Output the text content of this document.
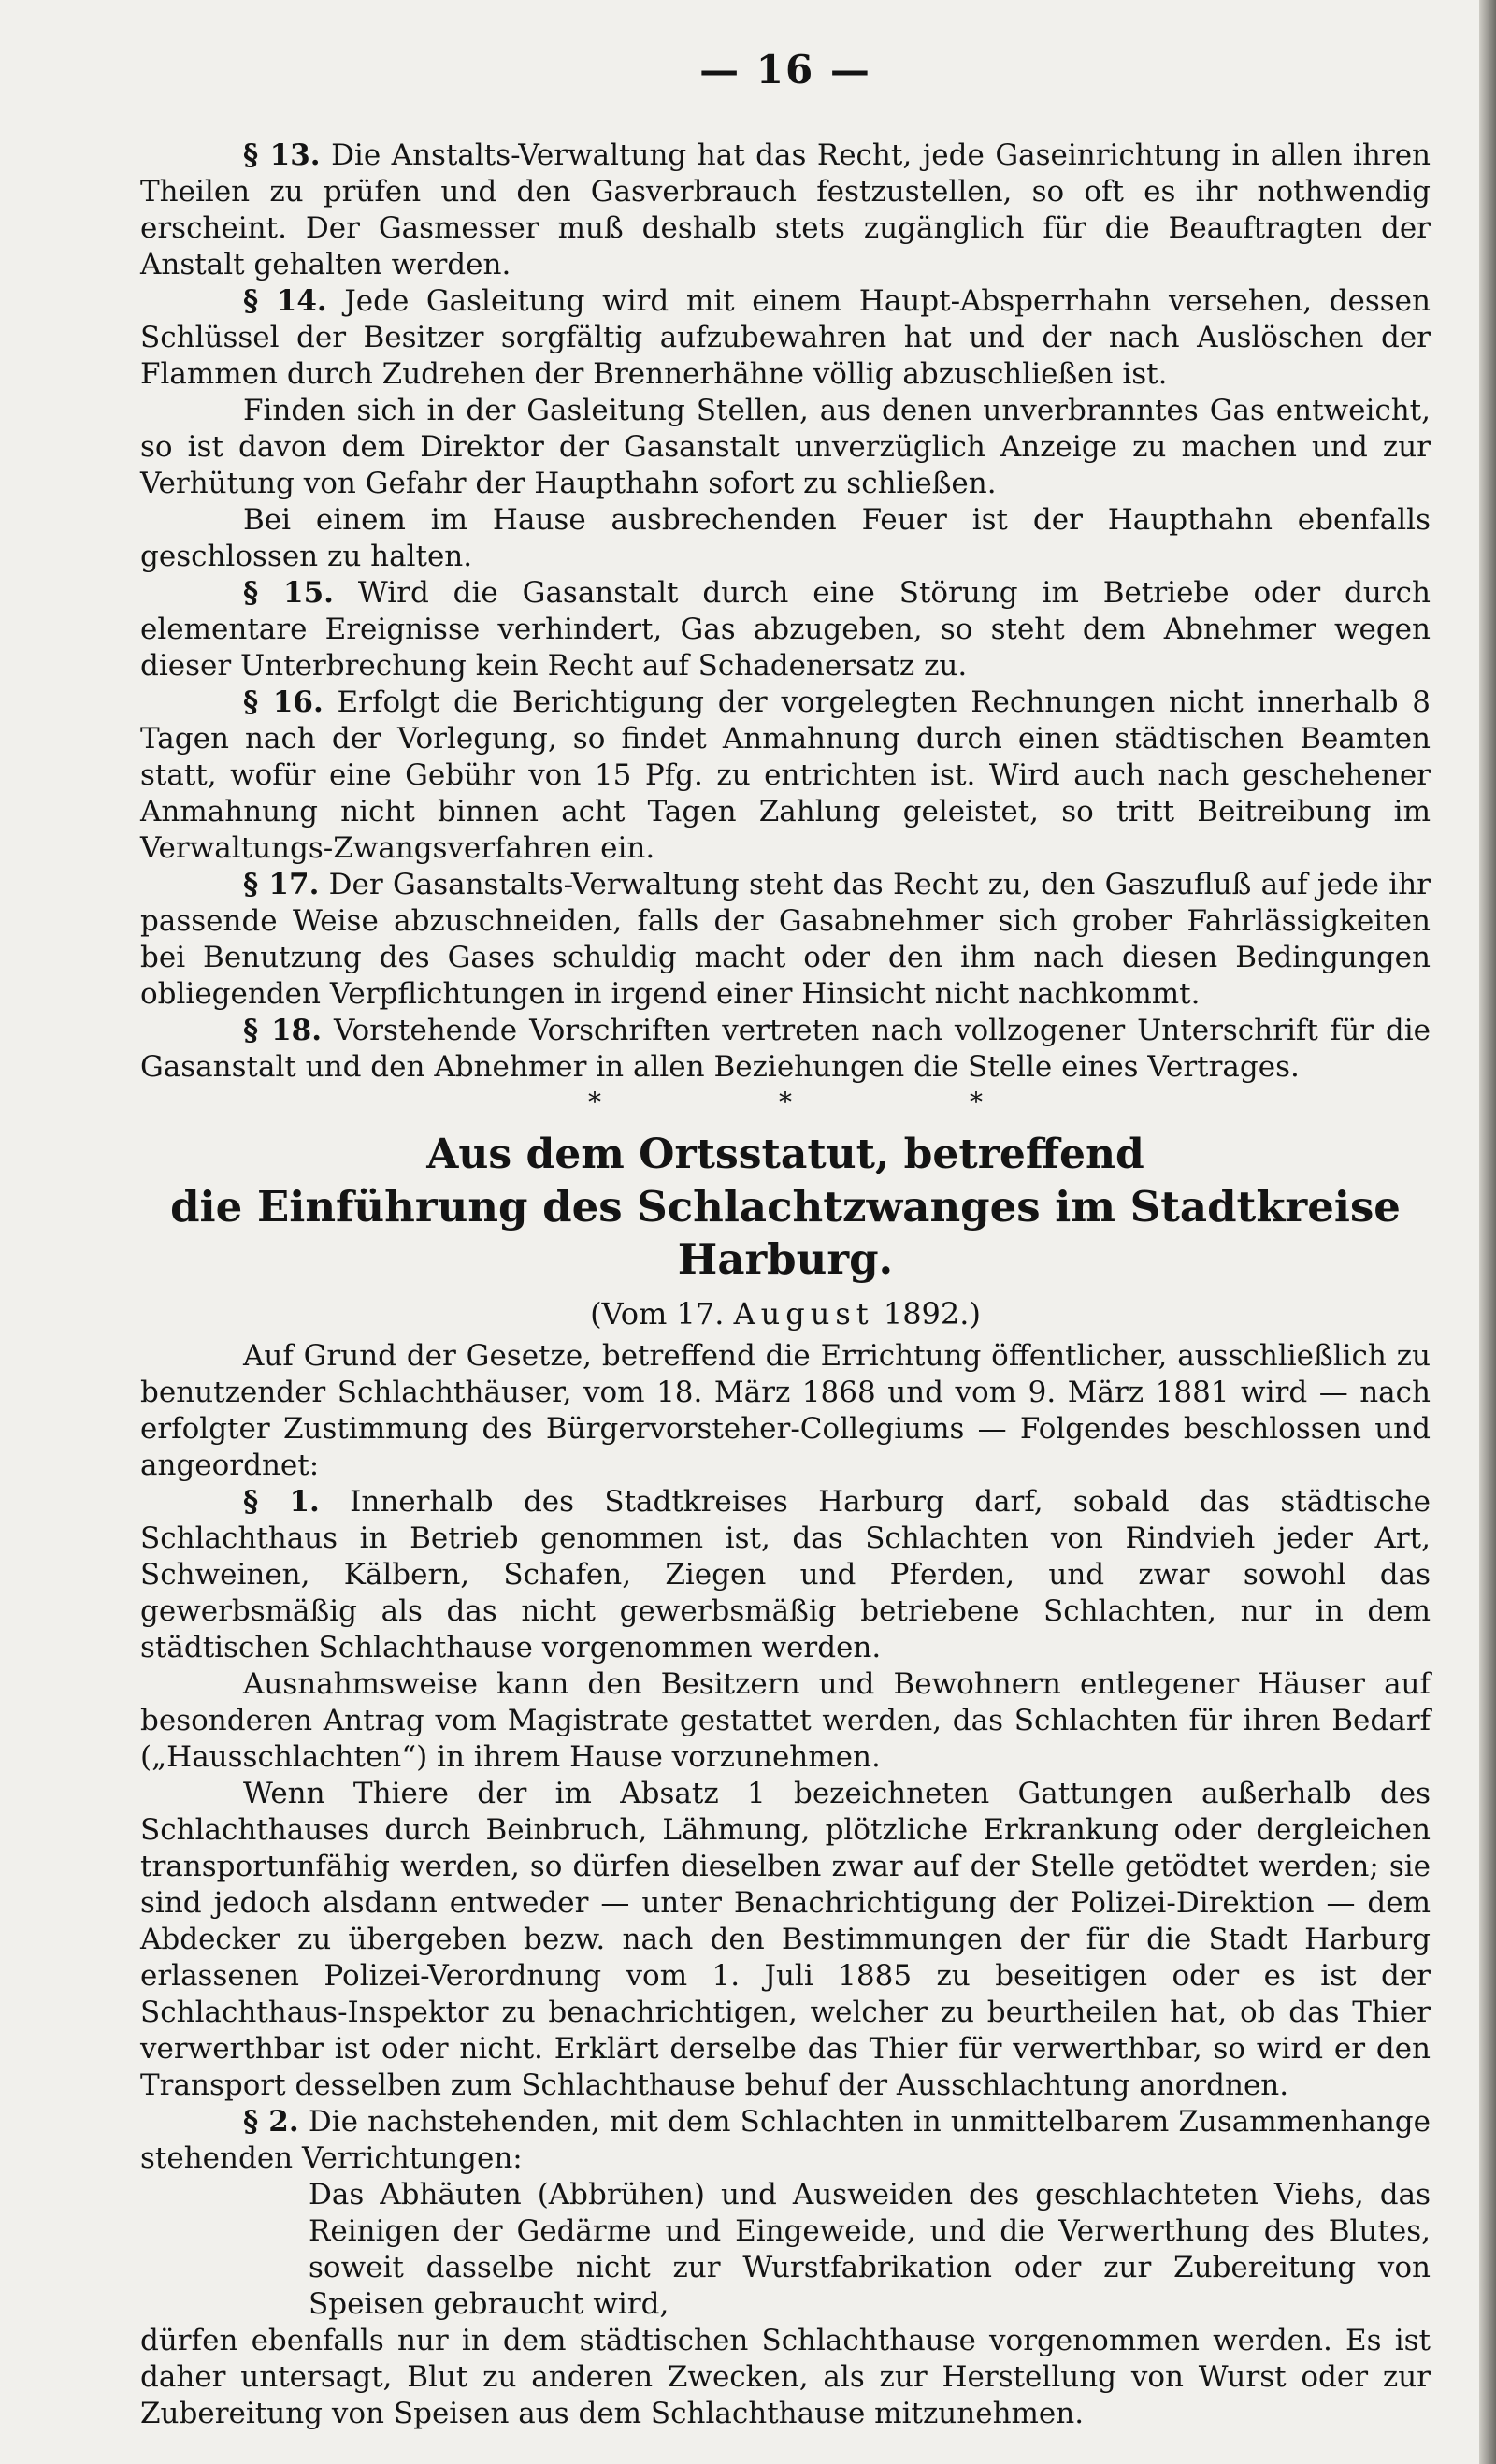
— 16 —

§ 13. Die Anstalts-Verwaltung hat das Recht, jede Gaseinrichtung in allen ihren Theilen zu prüfen und den Gasverbrauch festzustellen, so oft es ihr nothwendig erscheint. Der Gasmesser muß deshalb stets zugänglich für die Beauftragten der Anstalt gehalten werden.

§ 14. Jede Gasleitung wird mit einem Haupt-Absperrhahn versehen, dessen Schlüssel der Besitzer sorgfältig aufzubewahren hat und der nach Auslöschen der Flammen durch Zudrehen der Brennerhähne völlig abzuschließen ist.

Finden sich in der Gasleitung Stellen, aus denen unverbranntes Gas entweicht, so ist davon dem Direktor der Gasanstalt unverzüglich Anzeige zu machen und zur Verhütung von Gefahr der Haupthahn sofort zu schließen.

Bei einem im Hause ausbrechenden Feuer ist der Haupthahn ebenfalls geschlossen zu halten.

§ 15. Wird die Gasanstalt durch eine Störung im Betriebe oder durch elementare Ereignisse verhindert, Gas abzugeben, so steht dem Abnehmer wegen dieser Unterbrechung kein Recht auf Schadenersatz zu.

§ 16. Erfolgt die Berichtigung der vorgelegten Rechnungen nicht innerhalb 8 Tagen nach der Vorlegung, so findet Anmahnung durch einen städtischen Beamten statt, wofür eine Gebühr von 15 Pfg. zu entrichten ist. Wird auch nach geschehener Anmahnung nicht binnen acht Tagen Zahlung geleistet, so tritt Beitreibung im Verwaltungs-Zwangsverfahren ein.

§ 17. Der Gasanstalts-Verwaltung steht das Recht zu, den Gaszufluß auf jede ihr passende Weise abzuschneiden, falls der Gasabnehmer sich grober Fahrlässigkeiten bei Benutzung des Gases schuldig macht oder den ihm nach diesen Bedingungen obliegenden Verpflichtungen in irgend einer Hinsicht nicht nachkommt.

§ 18. Vorstehende Vorschriften vertreten nach vollzogener Unterschrift für die Gasanstalt und den Abnehmer in allen Beziehungen die Stelle eines Vertrages.

*	*	*

Aus dem Ortsstatut, betreffend

die Einführung des Schlachtzwanges im Stadtkreise Harburg.

(Vom 17. August 1892.)

Auf Grund der Gesetze, betreffend die Errichtung öffentlicher, ausschließlich zu benutzender Schlachthäuser, vom 18. März 1868 und vom 9. März 1881 wird — nach erfolgter Zustimmung des Bürgervorsteher-Collegiums — Folgendes beschlossen und angeordnet:

§ 1. Innerhalb des Stadtkreises Harburg darf, sobald das städtische Schlachthaus in Betrieb genommen ist, das Schlachten von Rindvieh jeder Art, Schweinen, Kälbern, Schafen, Ziegen und Pferden, und zwar sowohl das gewerbsmäßig als das nicht gewerbsmäßig betriebene Schlachten, nur in dem städtischen Schlachthause vorgenommen werden.

Ausnahmsweise kann den Besitzern und Bewohnern entlegener Häuser auf besonderen Antrag vom Magistrate gestattet werden, das Schlachten für ihren Bedarf („Hausschlachten“) in ihrem Hause vorzunehmen.

Wenn Thiere der im Absatz 1 bezeichneten Gattungen außerhalb des Schlachthauses durch Beinbruch, Lähmung, plötzliche Erkrankung oder dergleichen transportunfähig werden, so dürfen dieselben zwar auf der Stelle getödtet werden; sie sind jedoch alsdann entweder — unter Benachrichtigung der Polizei-Direktion — dem Abdecker zu übergeben bezw. nach den Bestimmungen der für die Stadt Harburg erlassenen Polizei-Verordnung vom 1. Juli 1885 zu beseitigen oder es ist der Schlachthaus-Inspektor zu benachrichtigen, welcher zu beurtheilen hat, ob das Thier verwerthbar ist oder nicht. Erklärt derselbe das Thier für verwerthbar, so wird er den Transport desselben zum Schlachthause behuf der Ausschlachtung anordnen.

§ 2. Die nachstehenden, mit dem Schlachten in unmittelbarem Zusammenhange stehenden Verrichtungen:

Das Abhäuten (Abbrühen) und Ausweiden des geschlachteten Viehs, das Reinigen der Gedärme und Eingeweide, und die Verwerthung des Blutes, soweit dasselbe nicht zur Wurstfabrikation oder zur Zubereitung von Speisen gebraucht wird,

dürfen ebenfalls nur in dem städtischen Schlachthause vorgenommen werden. Es ist daher untersagt, Blut zu anderen Zwecken, als zur Herstellung von Wurst oder zur Zubereitung von Speisen aus dem Schlachthause mitzunehmen.
